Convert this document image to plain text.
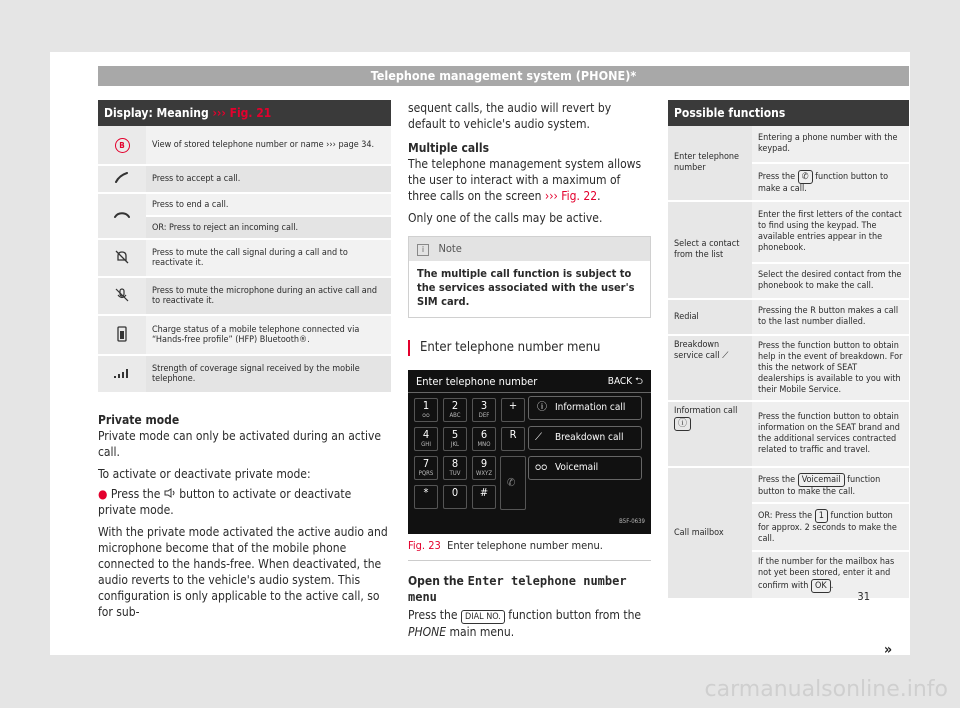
Telephone management system (PHONE)*
Display: Meaning ››› Fig. 21
B	View of stored telephone number or name ››› page 34.
	Press to accept a call.
	Press to end a call.
	OR: Press to reject an incoming call.
	Press to mute the call signal during a call and to reactivate it.
	Press to mute the microphone during an active call and to reactivate it.
	Charge status of a mobile telephone connected via “Hands-free profile” (HFP) Bluetooth®.
	Strength of coverage signal received by the mobile telephone.

Private mode

Private mode can only be activated during an active call.

To activate or deactivate private mode:

● Press the button to activate or deactivate private mode.

With the private mode activated the active audio and microphone become that of the mobile phone connected to the hands-free. When deactivated, the audio reverts to the vehicle's audio system. This configuration is only applicable to the active call, so for sub-

sequent calls, the audio will revert by default to vehicle's audio system.

Multiple calls

The telephone management system allows the user to interact with a maximum of three calls on the screen ››› Fig. 22.

Only one of the calls may be active.

i Note
The multiple call function is subject to the services associated with the user's SIM card.
Enter telephone number menu
Enter telephone number	BACK ⮌
1
ᴑᴑ
2
ABC
3
DEF
+
4
GHI
5
JKL
6
MNO
R
7
PQRS
8
TUV
9
WXYZ
*	0	#
ⓘ Information call
⟋ Breakdown call
ᴑᴑ Voicemail
✆
B5F-0639
Fig. 23 Enter telephone number menu.

Open the Enter telephone number menu

Press the DIAL NO. function button from the PHONE main menu.

Possible functions
Enter telephone number	Entering a phone number with the keypad.
	Press the ✆ function button to make a call.
Select a contact from the list	Enter the first letters of the contact to find using the keypad. The available entries appear in the phonebook.
	Select the desired contact from the phonebook to make the call.
Redial	Pressing the R button makes a call to the last number dialled.
Breakdown service call ⟋	Press the function button to obtain help in the event of breakdown. For this the network of SEAT dealerships is available to you with their Mobile Service.
Information call ⓘ	Press the function button to obtain information on the SEAT brand and the additional services contracted related to traffic and travel.
Call mailbox	Press the Voicemail function button to make the call.
	OR: Press the 1 function button for approx. 2 seconds to make the call.
	If the number for the mailbox has not yet been stored, enter it and confirm with OK .
»
31
carmanualsonline.info
